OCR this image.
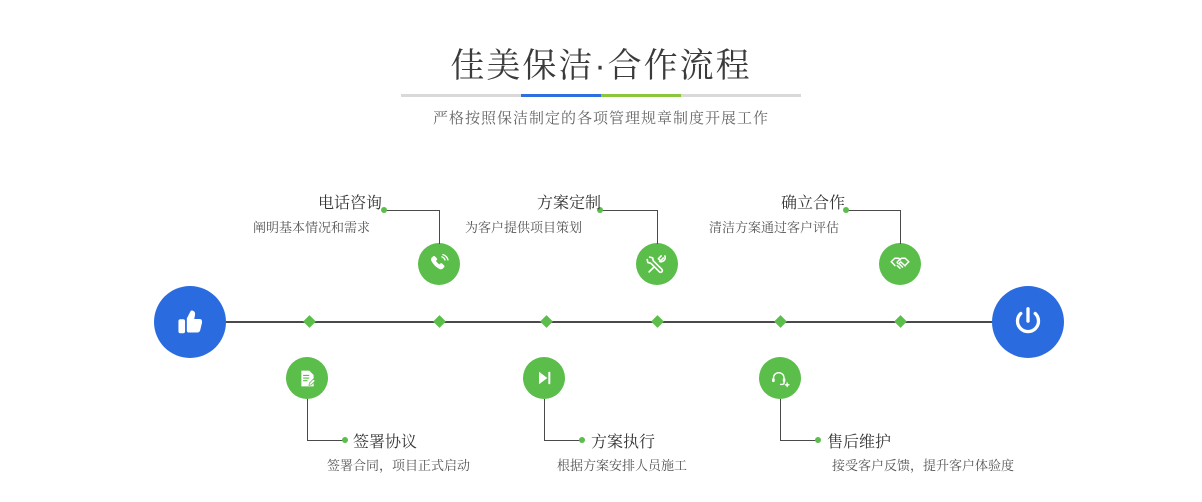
佳美保洁·合作流程
严格按照保洁制定的各项管理规章制度开展工作
电话咨询
阐明基本情况和需求
签署协议
签署合同，项目正式启动
方案定制
为客户提供项目策划
方案执行
根据方案安排人员施工
确立合作
清洁方案通过客户评估
售后维护
接受客户反馈，提升客户体验度
